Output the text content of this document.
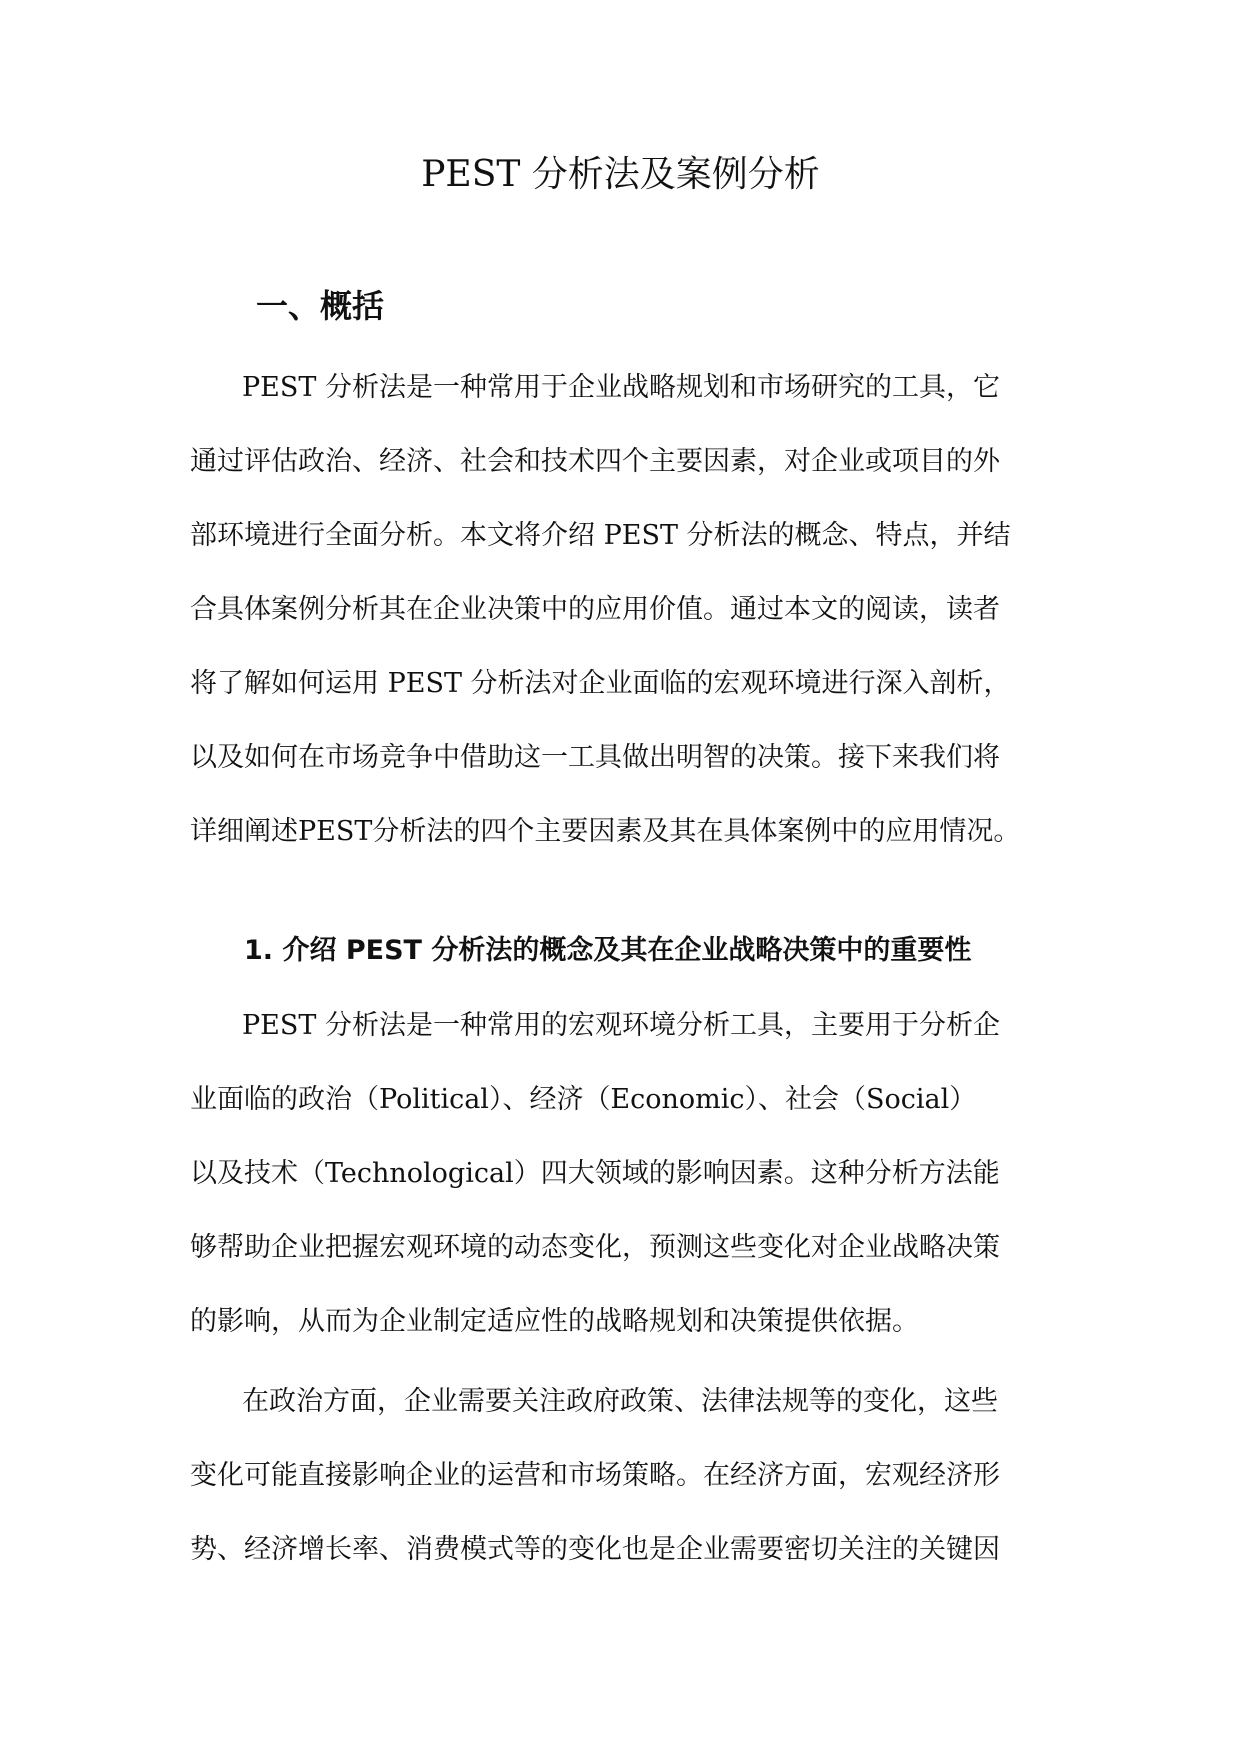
PEST 分析法及案例分析
一、概括

PEST 分析法是一种常用于企业战略规划和市场研究的工具，它

通过评估政治、经济、社会和技术四个主要因素，对企业或项目的外

部环境进行全面分析。本文将介绍 PEST 分析法的概念、特点，并结

合具体案例分析其在企业决策中的应用价值。通过本文的阅读，读者

将了解如何运用 PEST 分析法对企业面临的宏观环境进行深入剖析，

以及如何在市场竞争中借助这一工具做出明智的决策。接下来我们将

详细阐述PEST分析法的四个主要因素及其在具体案例中的应用情况。

1. 介绍 PEST 分析法的概念及其在企业战略决策中的重要性

PEST 分析法是一种常用的宏观环境分析工具，主要用于分析企

业面临的政治（Political）、经济（Economic）、社会（Social）

以及技术（Technological）四大领域的影响因素。这种分析方法能

够帮助企业把握宏观环境的动态变化，预测这些变化对企业战略决策

的影响，从而为企业制定适应性的战略规划和决策提供依据。

在政治方面，企业需要关注政府政策、法律法规等的变化，这些

变化可能直接影响企业的运营和市场策略。在经济方面，宏观经济形

势、经济增长率、消费模式等的变化也是企业需要密切关注的关键因
